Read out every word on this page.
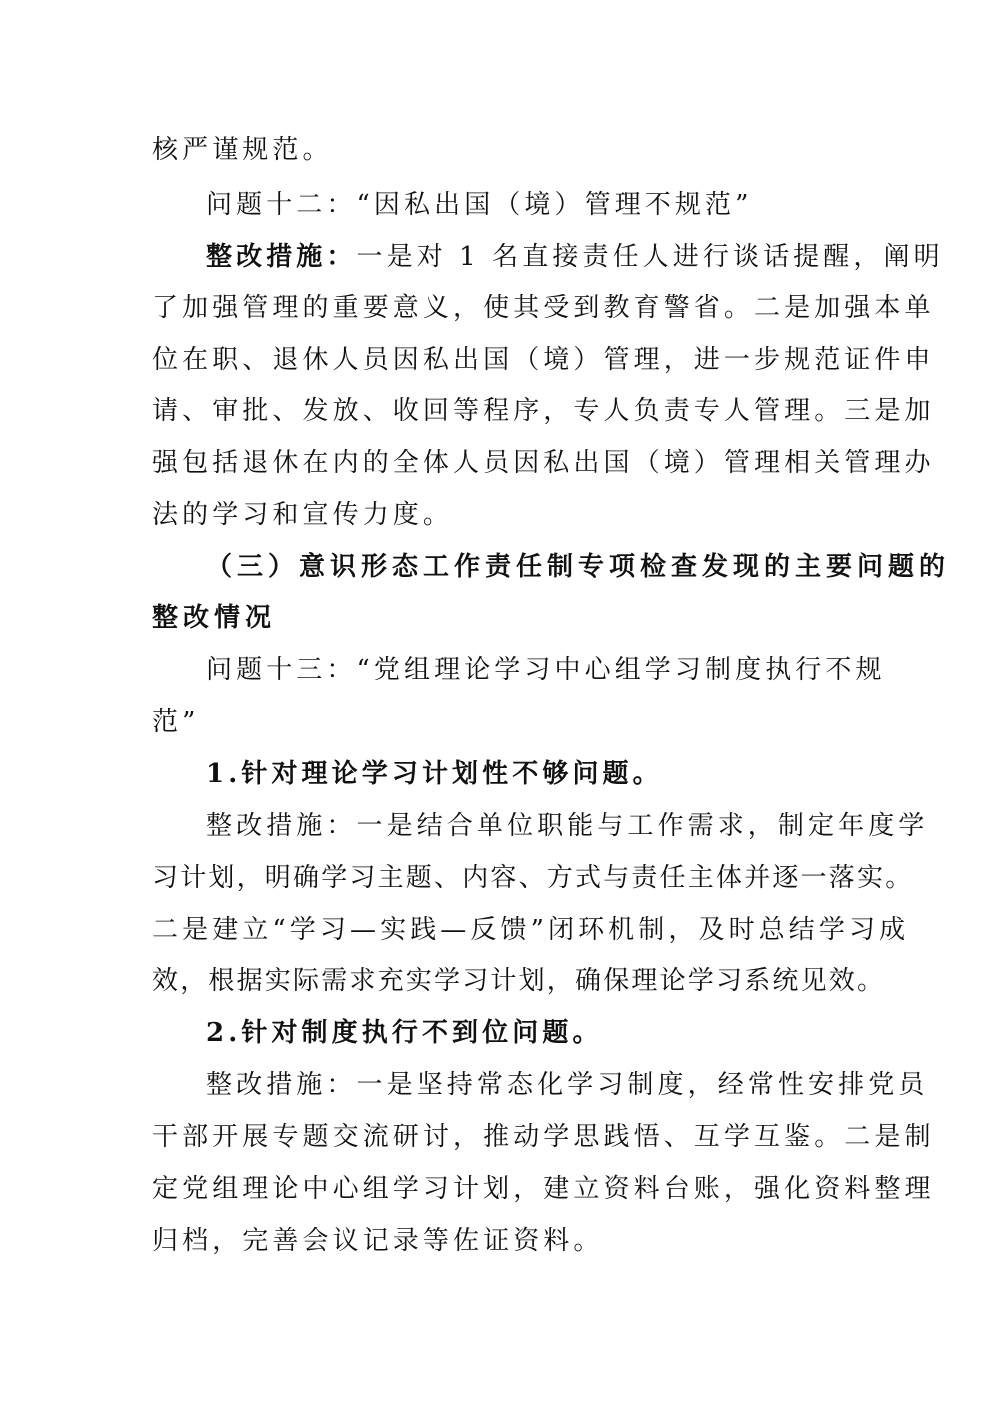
核严谨规范。

问题十二：“因私出国（境）管理不规范”

整改措施：一是对 1 名直接责任人进行谈话提醒，阐明

了加强管理的重要意义，使其受到教育警省。二是加强本单

位在职、退休人员因私出国（境）管理，进一步规范证件申

请、审批、发放、收回等程序，专人负责专人管理。三是加

强包括退休在内的全体人员因私出国（境）管理相关管理办

法的学习和宣传力度。

（三）意识形态工作责任制专项检查发现的主要问题的

整改情况

问题十三：“党组理论学习中心组学习制度执行不规

范”

1.针对理论学习计划性不够问题。

整改措施：一是结合单位职能与工作需求，制定年度学

习计划，明确学习主题、内容、方式与责任主体并逐一落实。

二是建立“学习—实践—反馈”闭环机制，及时总结学习成

效，根据实际需求充实学习计划，确保理论学习系统见效。

2.针对制度执行不到位问题。

整改措施：一是坚持常态化学习制度，经常性安排党员

干部开展专题交流研讨，推动学思践悟、互学互鉴。二是制

定党组理论中心组学习计划，建立资料台账，强化资料整理

归档，完善会议记录等佐证资料。
